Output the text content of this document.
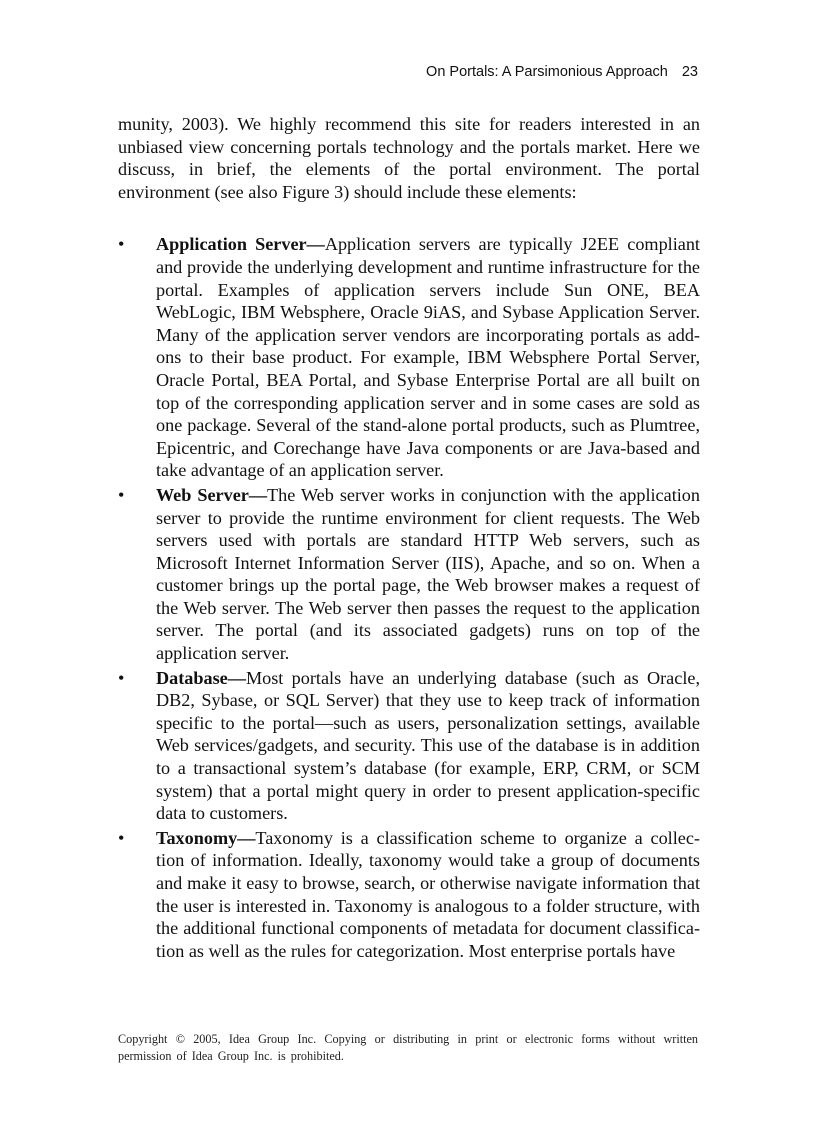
On Portals: A Parsimonious Approach 23

munity, 2003). We highly recommend this site for readers interested in an unbiased view concerning portals technology and the portals market. Here we discuss, in brief, the elements of the portal environment. The portal environment (see also Figure 3) should include these elements:

• Application Server—Application servers are typically J2EE compliant and provide the underlying development and runtime infrastructure for the portal. Examples of application servers include Sun ONE, BEA WebLogic, IBM Websphere, Oracle 9iAS, and Sybase Application Server. Many of the application server vendors are incorporating portals as add-ons to their base product. For example, IBM Websphere Portal Server, Oracle Portal, BEA Portal, and Sybase Enterprise Portal are all built on top of the corresponding application server and in some cases are sold as one package. Several of the stand-alone portal products, such as Plumtree, Epicentric, and Corechange have Java components or are Java-based and take advantage of an application server.
• Web Server—The Web server works in conjunction with the application server to provide the runtime environment for client requests. The Web servers used with portals are standard HTTP Web servers, such as Microsoft Internet Information Server (IIS), Apache, and so on. When a customer brings up the portal page, the Web browser makes a request of the Web server. The Web server then passes the request to the application server. The portal (and its associated gadgets) runs on top of the application server.
• Database—Most portals have an underlying database (such as Oracle, DB2, Sybase, or SQL Server) that they use to keep track of information specific to the portal—such as users, personalization settings, available Web services/gadgets, and security. This use of the database is in addition to a transactional system’s database (for example, ERP, CRM, or SCM system) that a portal might query in order to present application-specific data to customers.
• Taxonomy—Taxonomy is a classification scheme to organize a collec-tion of information. Ideally, taxonomy would take a group of documents and make it easy to browse, search, or otherwise navigate information that the user is interested in. Taxonomy is analogous to a folder structure, with the additional functional components of metadata for document classifica-tion as well as the rules for categorization. Most enterprise portals have
Copyright © 2005, Idea Group Inc. Copying or distributing in print or electronic forms without written permission of Idea Group Inc. is prohibited.
